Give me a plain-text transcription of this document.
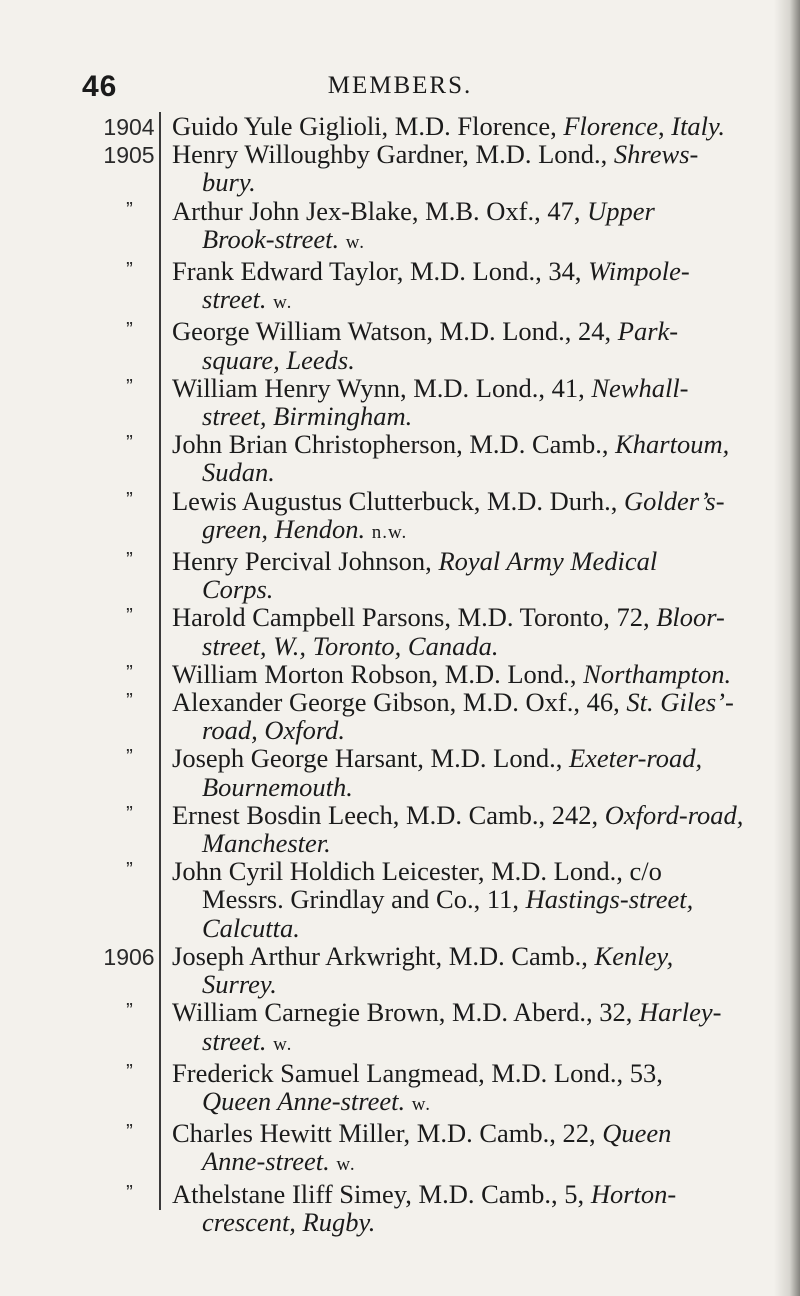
46	MEMBERS.
1904
1905
”
”
”
”
”
”
”
”
”
”
”
”
”
1906
”
”
”
”
Guido Yule Giglioli, M.D. Florence, Florence, Italy.
Henry Willoughby Gardner, M.D. Lond., Shrews-
bury.
Arthur John Jex-Blake, M.B. Oxf., 47, Upper
Brook-street. w.
Frank Edward Taylor, M.D. Lond., 34, Wimpole-
street. w.
George William Watson, M.D. Lond., 24, Park-
square, Leeds.
William Henry Wynn, M.D. Lond., 41, Newhall-
street, Birmingham.
John Brian Christopherson, M.D. Camb., Khartoum,
Sudan.
Lewis Augustus Clutterbuck, M.D. Durh., Golder’s-
green, Hendon. n.w.
Henry Percival Johnson, Royal Army Medical
Corps.
Harold Campbell Parsons, M.D. Toronto, 72, Bloor-
street, W., Toronto, Canada.
William Morton Robson, M.D. Lond., Northampton.
Alexander George Gibson, M.D. Oxf., 46, St. Giles’-
road, Oxford.
Joseph George Harsant, M.D. Lond., Exeter-road,
Bournemouth.
Ernest Bosdin Leech, M.D. Camb., 242, Oxford-road,
Manchester.
John Cyril Holdich Leicester, M.D. Lond., c/o
Messrs. Grindlay and Co., 11, Hastings-street,
Calcutta.
Joseph Arthur Arkwright, M.D. Camb., Kenley,
Surrey.
William Carnegie Brown, M.D. Aberd., 32, Harley-
street. w.
Frederick Samuel Langmead, M.D. Lond., 53,
Queen Anne-street. w.
Charles Hewitt Miller, M.D. Camb., 22, Queen
Anne-street. w.
Athelstane Iliff Simey, M.D. Camb., 5, Horton-
crescent, Rugby.
